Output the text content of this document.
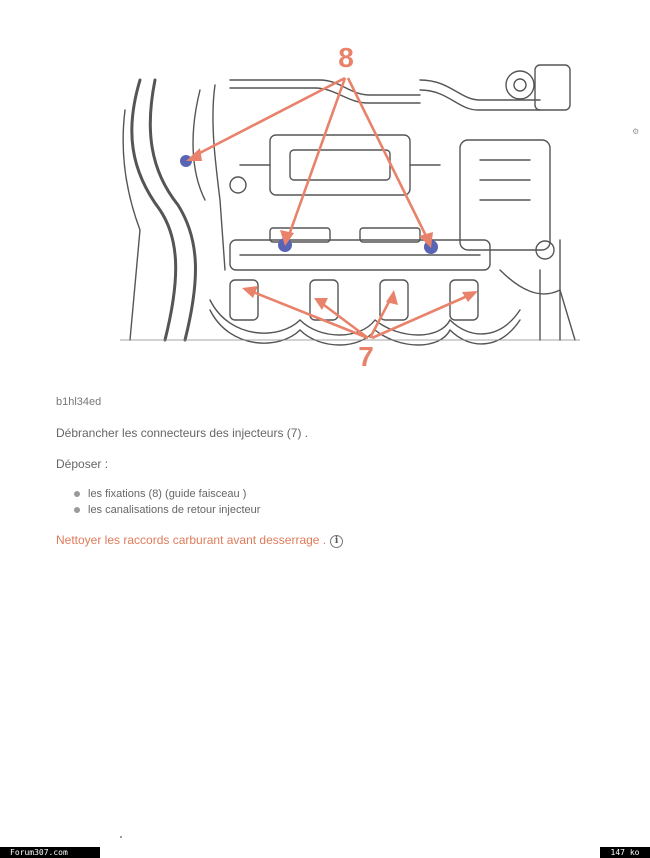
8
7
⚙
b1hl34ed
Débrancher les connecteurs des injecteurs (7) .
Déposer :
les fixations (8) (guide faisceau )
les canalisations de retour injecteur
Nettoyer les raccords carburant avant desserrage . i
Forum307.com	147 ko
